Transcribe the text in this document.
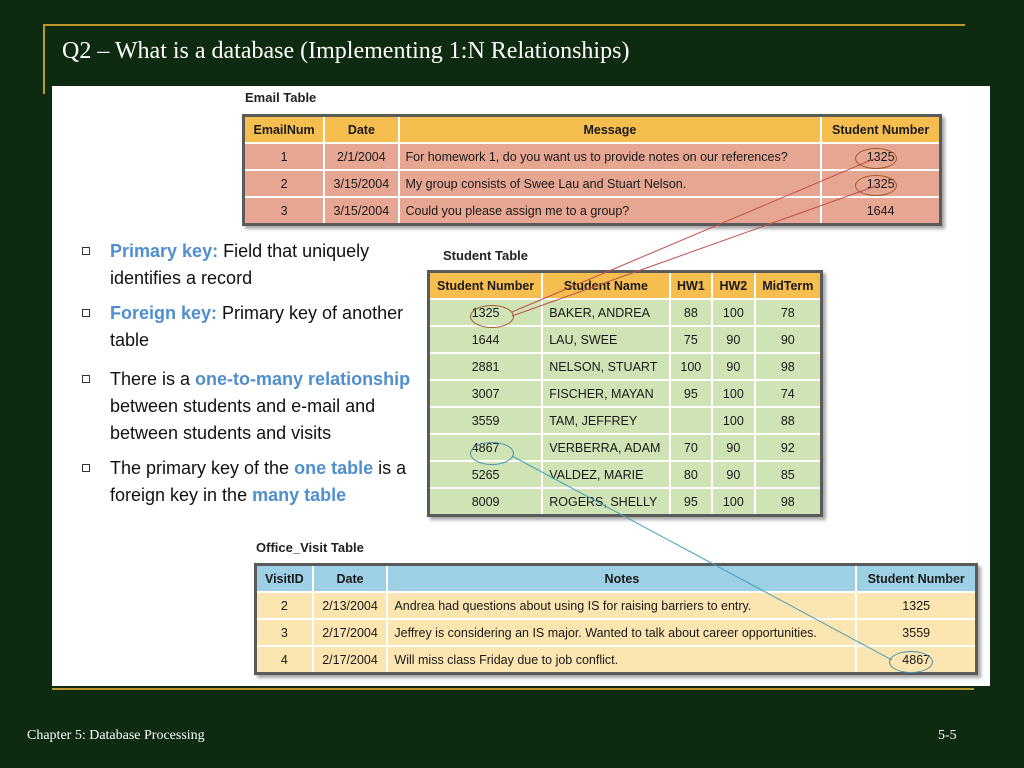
Q2 – What is a database (Implementing 1:N Relationships)
Email Table
EmailNum	Date	Message	Student Number
1	2/1/2004	For homework 1, do you want us to provide notes on our references?	1325
2	3/15/2004	My group consists of Swee Lau and Stuart Nelson.	1325
3	3/15/2004	Could you please assign me to a group?	1644
Student Table
Student Number	Student Name	HW1	HW2	MidTerm
1325	BAKER, ANDREA	88	100	78
1644	LAU, SWEE	75	90	90
2881	NELSON, STUART	100	90	98
3007	FISCHER, MAYAN	95	100	74
3559	TAM, JEFFREY		100	88
4867	VERBERRA, ADAM	70	90	92
5265	VALDEZ, MARIE	80	90	85
8009	ROGERS, SHELLY	95	100	98
Office_Visit Table
VisitID	Date	Notes	Student Number
2	2/13/2004	Andrea had questions about using IS for raising barriers to entry.	1325
3	2/17/2004	Jeffrey is considering an IS major. Wanted to talk about career opportunities.	3559
4	2/17/2004	Will miss class Friday due to job conflict.	4867
Primary key: Field that uniquely identifies a record
Foreign key: Primary key of another table
There is a one-to-many relationship between students and e-mail and between students and visits
The primary key of the one table is a foreign key in the many table
Chapter 5: Database Processing	5-5
